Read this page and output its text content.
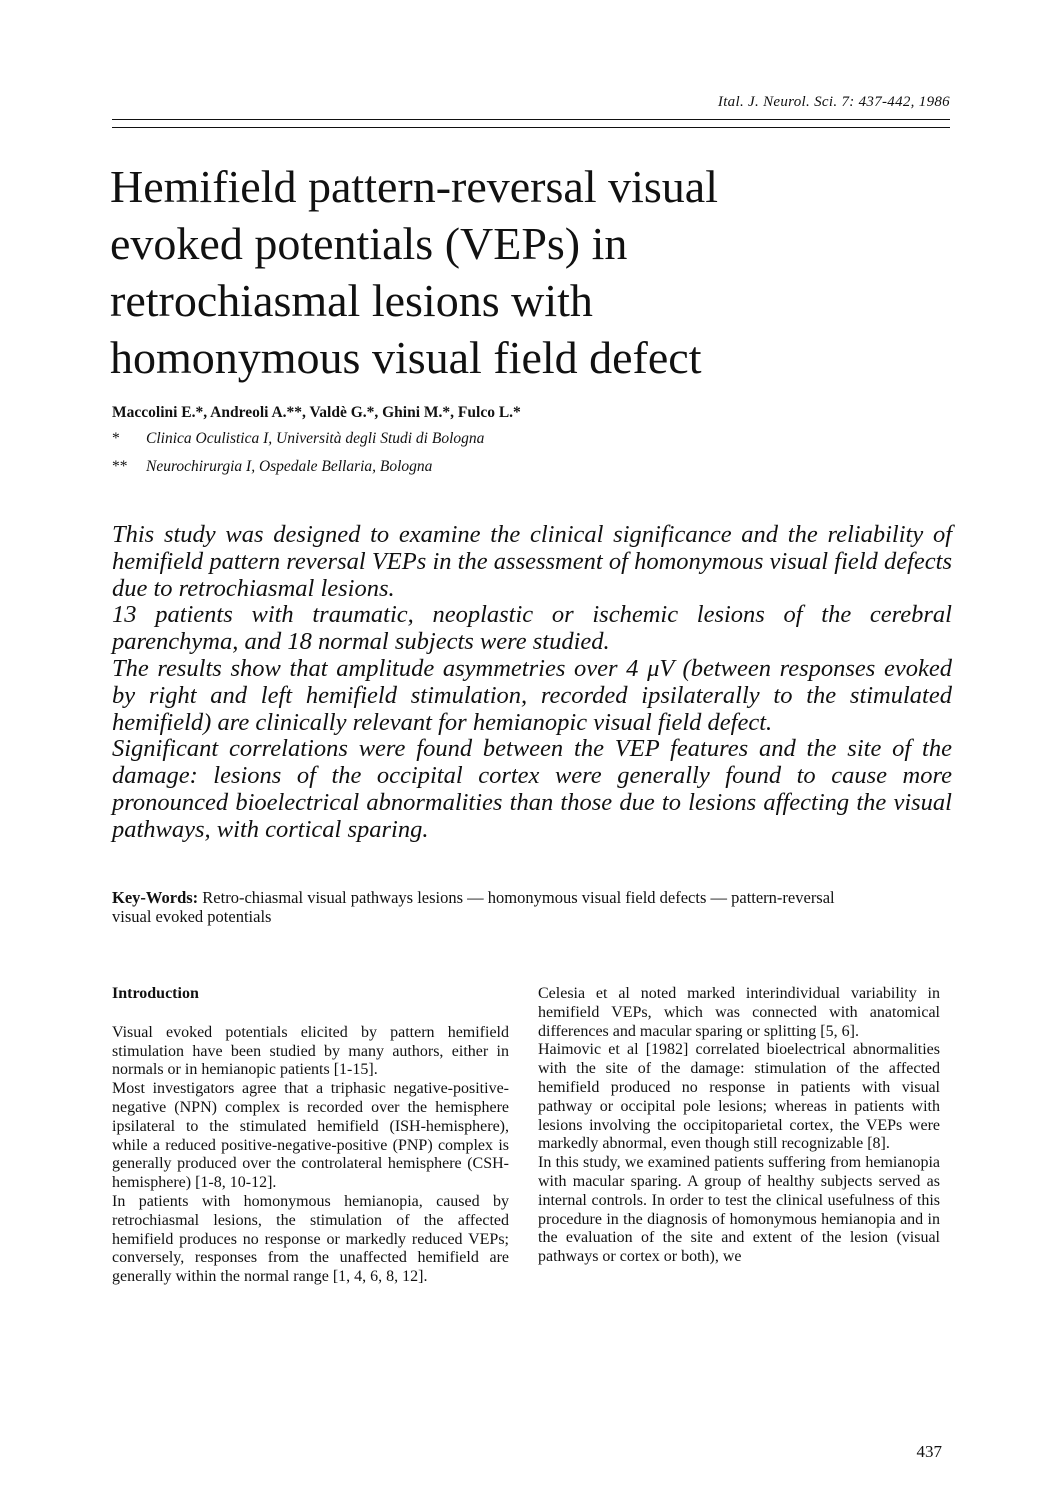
Ital. J. Neurol. Sci. 7: 437-442, 1986
Hemifield pattern-reversal visual
evoked potentials (VEPs) in
retrochiasmal lesions with
homonymous visual field defect
Maccolini E.*, Andreoli A.**, Valdè G.*, Ghini M.*, Fulco L.*
* Clinica Oculistica I, Università degli Studi di Bologna
** Neurochirurgia I, Ospedale Bellaria, Bologna

This study was designed to examine the clinical significance and the reliability of hemifield pattern reversal VEPs in the assessment of homonymous visual field defects due to retrochiasmal lesions.

13 patients with traumatic, neoplastic or ischemic lesions of the cerebral parenchyma, and 18 normal subjects were studied.

The results show that amplitude asymmetries over 4 μV (between responses evoked by right and left hemifield stimulation, recorded ipsilaterally to the stimulated hemifield) are clinically relevant for hemianopic visual field defect.

Significant correlations were found between the VEP features and the site of the damage: lesions of the occipital cortex were generally found to cause more pronounced bioelectrical abnormalities than those due to lesions affecting the visual pathways, with cortical sparing.

Key-Words: Retro-chiasmal visual pathways lesions — homonymous visual field defects — pattern-reversal visual evoked potentials
Introduction

Visual evoked potentials elicited by pattern hemifield stimulation have been studied by many authors, either in normals or in hemianopic patients [1-15].

Most investigators agree that a triphasic negative-positive-negative (NPN) complex is recorded over the hemisphere ipsilateral to the stimulated hemifield (ISH-hemisphere), while a reduced positive-negative-positive (PNP) complex is generally produced over the controlateral hemisphere (CSH-hemisphere) [1-8, 10-12].

In patients with homonymous hemianopia, caused by retrochiasmal lesions, the stimulation of the affected hemifield produces no response or markedly reduced VEPs; conversely, responses from the unaffected hemifield are generally within the normal range [1, 4, 6, 8, 12].

Celesia et al noted marked interindividual variability in hemifield VEPs, which was connected with anatomical differences and macular sparing or splitting [5, 6].

Haimovic et al [1982] correlated bioelectrical abnormalities with the site of the damage: stimulation of the affected hemifield produced no response in patients with visual pathway or occipital pole lesions; whereas in patients with lesions involving the occipitoparietal cortex, the VEPs were markedly abnormal, even though still recognizable [8].

In this study, we examined patients suffering from hemianopia with macular sparing. A group of healthy subjects served as internal controls. In order to test the clinical usefulness of this procedure in the diagnosis of homonymous hemianopia and in the evaluation of the site and extent of the lesion (visual pathways or cortex or both), we

437
